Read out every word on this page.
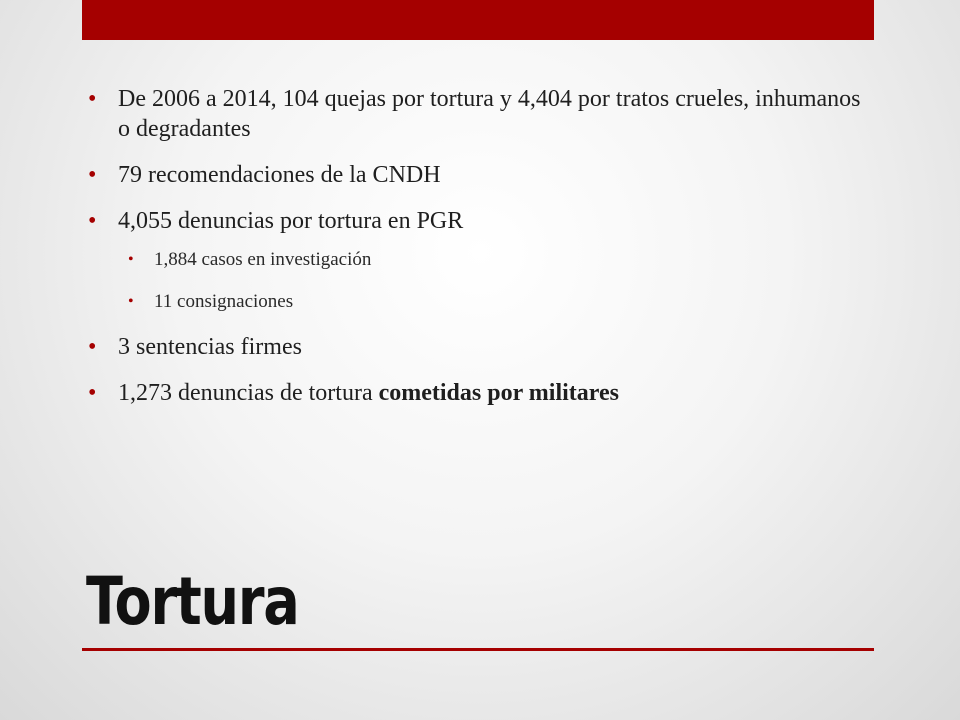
• De 2006 a 2014, 104 quejas por tortura y 4,404 por tratos crueles, inhumanos o degradantes
• 79 recomendaciones de la CNDH
• 4,055 denuncias por tortura en PGR
• 1,884 casos en investigación
• 11 consignaciones
• 3 sentencias firmes
• 1,273 denuncias de tortura cometidas por militares
Tortura
